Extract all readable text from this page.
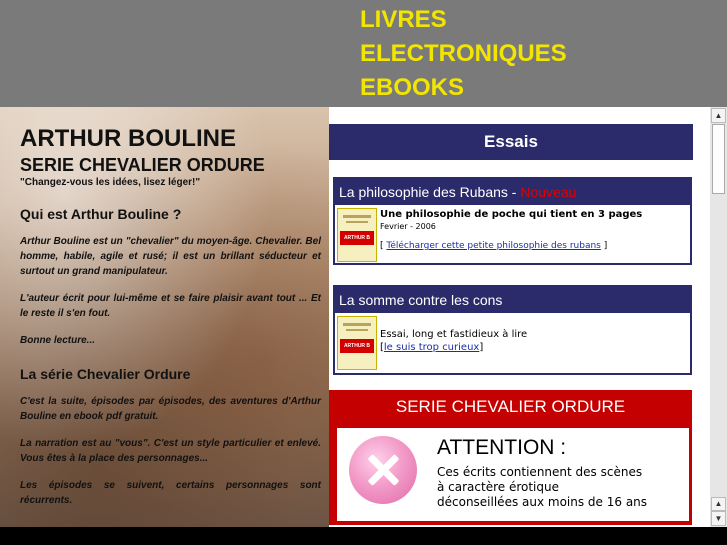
LIVRES
ELECTRONIQUES
EBOOKS
ARTHUR BOULINE
SERIE CHEVALIER ORDURE
"Changez-vous les idées, lisez léger!"
Qui est Arthur Bouline ?
Arthur Bouline est un "chevalier" du moyen-âge. Chevalier. Bel homme, habile, agile et rusé; il est un brillant séducteur et surtout un grand manipulateur.
L'auteur écrit pour lui-même et se faire plaisir avant tout ... Et le reste il s'en fout.
Bonne lecture...
La série Chevalier Ordure
C'est la suite, épisodes par épisodes, des aventures d'Arthur Bouline en ebook pdf gratuit.
La narration est au "vous". C'est un style particulier et enlevé. Vous êtes à la place des personnages...
Les épisodes se suivent, certains personnages sont récurrents.
Essais
La philosophie des Rubans - Nouveau
ARTHUR B
Une philosophie de poche qui tient en 3 pages
Fevrier - 2006
[ Télécharger cette petite philosophie des rubans ]
La somme contre les cons
ARTHUR B
Essai, long et fastidieux à lire
[le suis trop curieux]
SERIE CHEVALIER ORDURE
ATTENTION :
Ces écrits contiennent des scènes
à caractère érotique
déconseillées aux moins de 16 ans
▲
▲
▼
